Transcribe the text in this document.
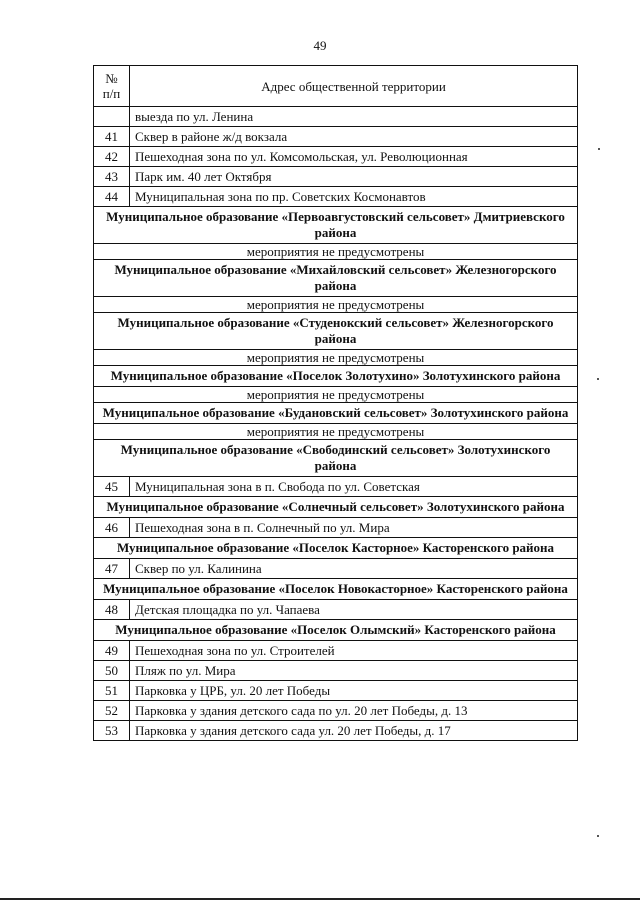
49
№ п/п	Адрес общественной территории
	выезда по ул. Ленина
41	Сквер в районе ж/д вокзала
42	Пешеходная зона по ул. Комсомольская, ул. Революционная
43	Парк им. 40 лет Октября
44	Муниципальная зона по пр. Советских Космонавтов
Муниципальное образование «Первоавгустовский сельсовет» Дмитриевского района	
мероприятия не предусмотрены	
Муниципальное образование «Михайловский сельсовет» Железногорского района	
мероприятия не предусмотрены	
Муниципальное образование «Студенокский сельсовет» Железногорского района	
мероприятия не предусмотрены	
Муниципальное образование «Поселок Золотухино» Золотухинского района	
мероприятия не предусмотрены	
Муниципальное образование «Будановский сельсовет» Золотухинского района	
мероприятия не предусмотрены	
Муниципальное образование «Свободинский сельсовет» Золотухинского района	
45	Муниципальная зона в п. Свобода по ул. Советская
Муниципальное образование «Солнечный сельсовет» Золотухинского района	
46	Пешеходная зона в п. Солнечный по ул. Мира
Муниципальное образование «Поселок Касторное» Касторенского района	
47	Сквер по ул. Калинина
Муниципальное образование «Поселок Новокасторное» Касторенского района	
48	Детская площадка по ул. Чапаева
Муниципальное образование «Поселок Олымский» Касторенского района	
49	Пешеходная зона по ул. Строителей
50	Пляж по ул. Мира
51	Парковка у ЦРБ, ул. 20 лет Победы
52	Парковка у здания детского сада по ул. 20 лет Победы, д. 13
53	Парковка у здания детского сада ул. 20 лет Победы, д. 17
